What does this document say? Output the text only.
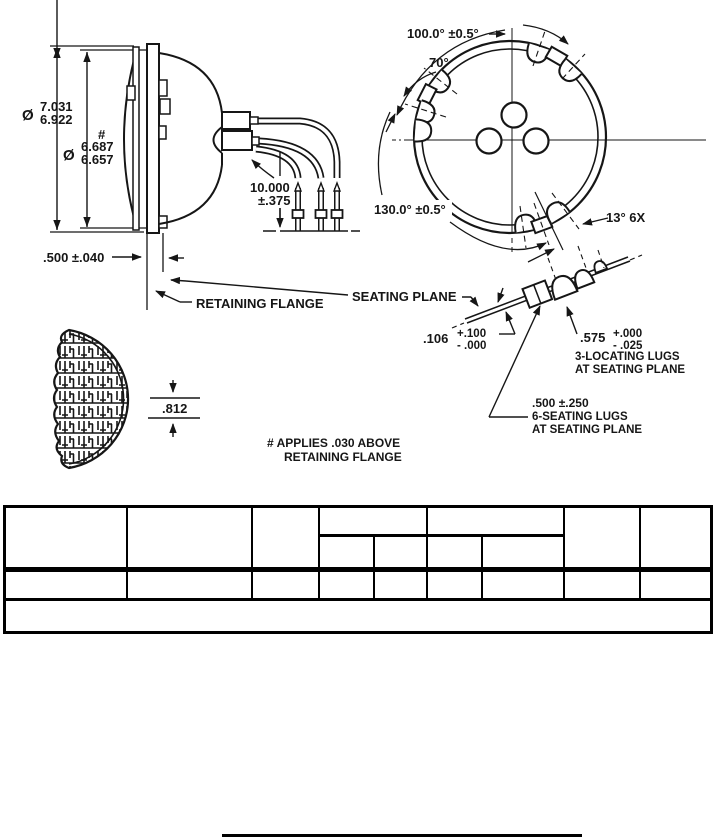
Ø
7.031
6.922
#
Ø
6.687
6.657
10.000
±.375
.500 ±.040
RETAINING FLANGE SEATING PLANE
100.0° ±0.5°
70°
130.0° ±0.5°
13° 6X
.106 +.100
- .000
.575 +.000
- .025
3-LOCATING LUGS
AT SEATING PLANE
.500 ±.250
6-SEATING LUGS
AT SEATING PLANE
.812
# APPLIES .030 ABOVE
RETAINING FLANGE
